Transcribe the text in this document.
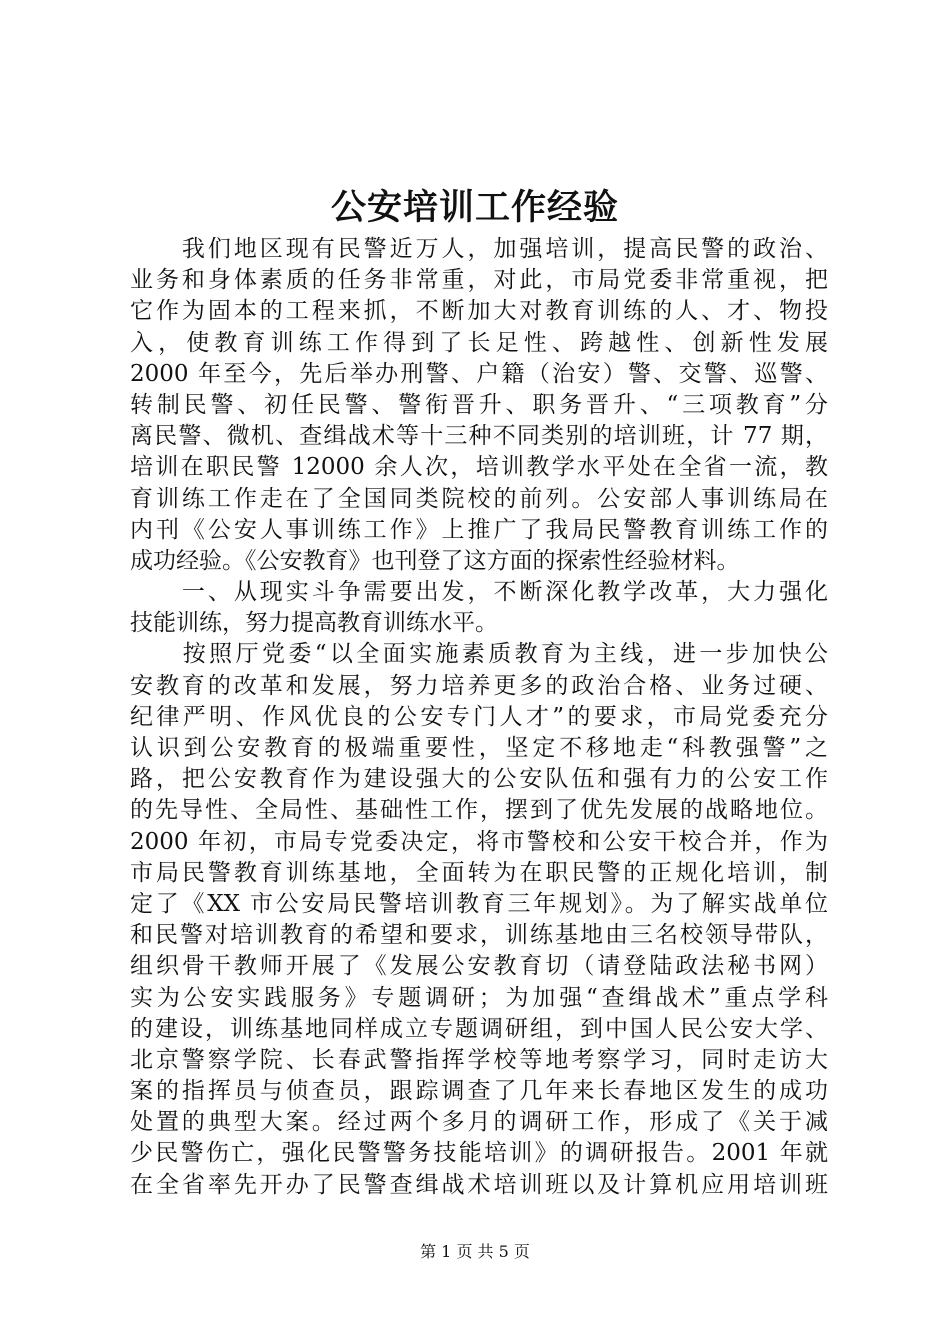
公安培训工作经验
　　我们地区现有民警近万人，加强培训，提高民警的政治、
业务和身体素质的任务非常重，对此，市局党委非常重视，把
它作为固本的工程来抓，不断加大对教育训练的人、才、物投
入，使教育训练工作得到了长足性、跨越性、创新性发展
2000 年至今，先后举办刑警、户籍（治安）警、交警、巡警、
转制民警、初任民警、警衔晋升、职务晋升、“三项教育”分
离民警、微机、查缉战术等十三种不同类别的培训班，计 77 期，
培训在职民警 12000 余人次，培训教学水平处在全省一流，教
育训练工作走在了全国同类院校的前列。公安部人事训练局在
内刊《公安人事训练工作》上推广了我局民警教育训练工作的
成功经验。《公安教育》也刊登了这方面的探索性经验材料。
　　一、从现实斗争需要出发，不断深化教学改革，大力强化
技能训练，努力提高教育训练水平。
　　按照厅党委“以全面实施素质教育为主线，进一步加快公
安教育的改革和发展，努力培养更多的政治合格、业务过硬、
纪律严明、作风优良的公安专门人才”的要求，市局党委充分
认识到公安教育的极端重要性，坚定不移地走“科教强警”之
路，把公安教育作为建设强大的公安队伍和强有力的公安工作
的先导性、全局性、基础性工作，摆到了优先发展的战略地位。
2000 年初，市局专党委决定，将市警校和公安干校合并，作为
市局民警教育训练基地，全面转为在职民警的正规化培训，制
定了《XX 市公安局民警培训教育三年规划》。为了解实战单位
和民警对培训教育的希望和要求，训练基地由三名校领导带队，
组织骨干教师开展了《发展公安教育切（请登陆政法秘书网）
实为公安实践服务》专题调研；为加强“查缉战术”重点学科
的建设，训练基地同样成立专题调研组，到中国人民公安大学、
北京警察学院、长春武警指挥学校等地考察学习，同时走访大
案的指挥员与侦查员，跟踪调查了几年来长春地区发生的成功
处置的典型大案。经过两个多月的调研工作，形成了《关于减
少民警伤亡，强化民警警务技能培训》的调研报告。2001 年就
在全省率先开办了民警查缉战术培训班以及计算机应用培训班
第 1 页 共 5 页
